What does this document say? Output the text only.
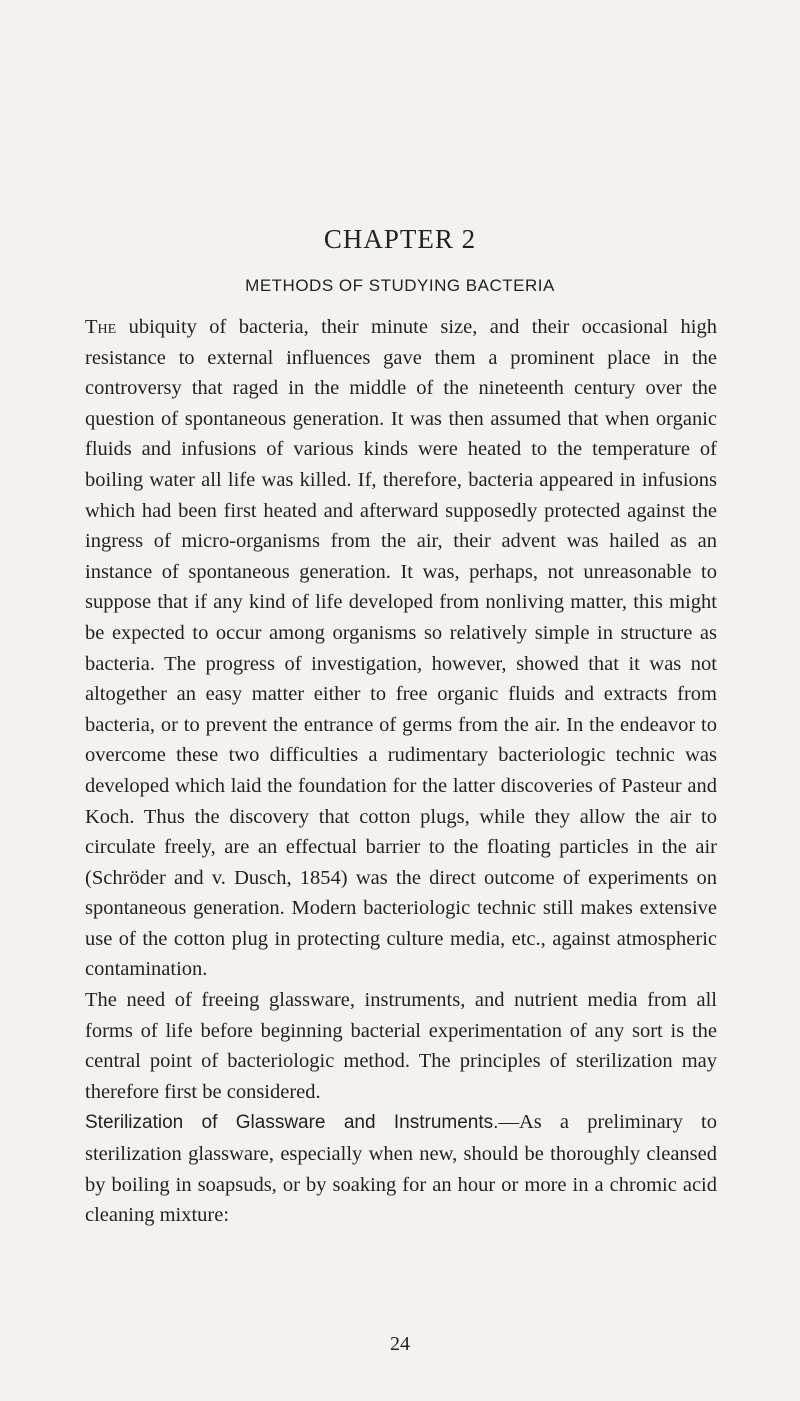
CHAPTER 2
METHODS OF STUDYING BACTERIA

The ubiquity of bacteria, their minute size, and their occasional high resistance to external influences gave them a prominent place in the controversy that raged in the middle of the nineteenth century over the question of spontaneous generation. It was then assumed that when organic fluids and infusions of various kinds were heated to the temperature of boiling water all life was killed. If, therefore, bacteria appeared in infusions which had been first heated and afterward supposedly protected against the ingress of micro-organisms from the air, their advent was hailed as an instance of spontaneous generation. It was, perhaps, not unreasonable to suppose that if any kind of life developed from nonliving matter, this might be expected to occur among organisms so relatively simple in structure as bacteria. The progress of investigation, however, showed that it was not altogether an easy matter either to free organic fluids and extracts from bacteria, or to prevent the entrance of germs from the air. In the endeavor to overcome these two difficulties a rudimentary bacteriologic technic was developed which laid the foundation for the latter discoveries of Pasteur and Koch. Thus the discovery that cotton plugs, while they allow the air to circulate freely, are an effectual barrier to the floating particles in the air (Schröder and v. Dusch, 1854) was the direct outcome of experiments on spontaneous generation. Modern bacteriologic technic still makes extensive use of the cotton plug in protecting culture media, etc., against atmospheric contamination.

The need of freeing glassware, instruments, and nutrient media from all forms of life before beginning bacterial experimentation of any sort is the central point of bacteriologic method. The principles of sterilization may therefore first be considered.

Sterilization of Glassware and Instruments.—As a preliminary to sterilization glassware, especially when new, should be thoroughly cleansed by boiling in soapsuds, or by soaking for an hour or more in a chromic acid cleaning mixture:

24
